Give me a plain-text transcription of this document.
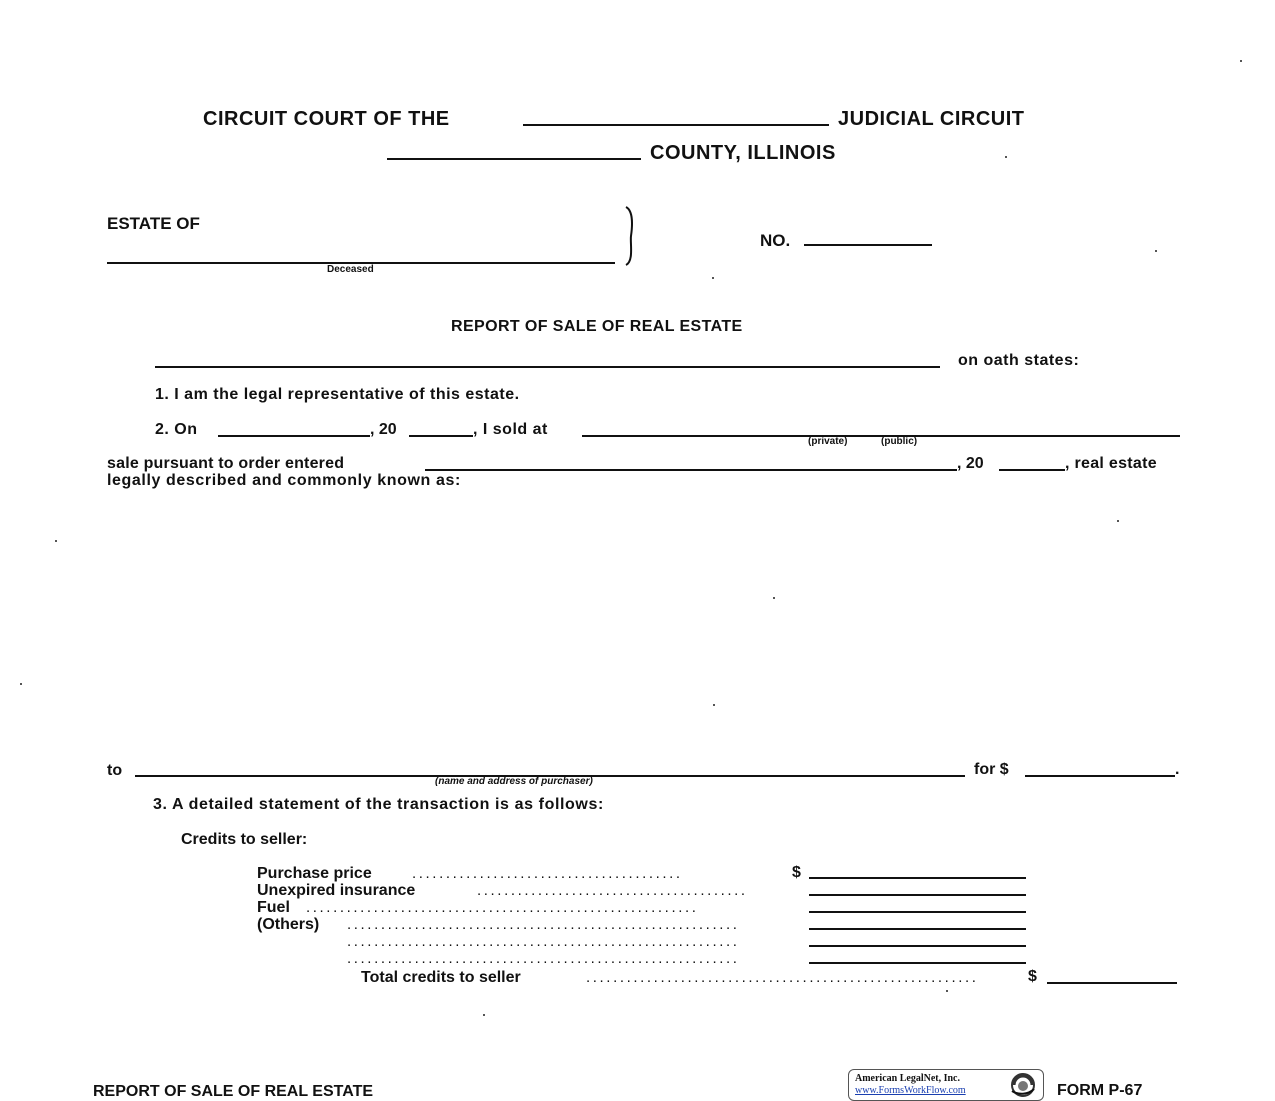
CIRCUIT COURT OF THE	JUDICIAL CIRCUIT
COUNTY, ILLINOIS
ESTATE OF
Deceased
NO.
REPORT OF SALE OF REAL ESTATE
on oath states:
1. I am the legal representative of this estate.
2. On	, 20	, I sold at
(private)	(public)
sale pursuant to order entered	, 20	, real estate
legally described and commonly known as:
to
(name and address of purchaser)
for $	.
3. A detailed statement of the transaction is as follows:
Credits to seller:
Purchase price	........................................	$
Unexpired insurance	........................................
Fuel ..........................................................
(Others) ..........................................................
..........................................................
..........................................................
Total credits to seller	..........................................................	$
REPORT OF SALE OF REAL ESTATE
American LegalNet, Inc.
www.FormsWorkFlow.com	FORM P-67
